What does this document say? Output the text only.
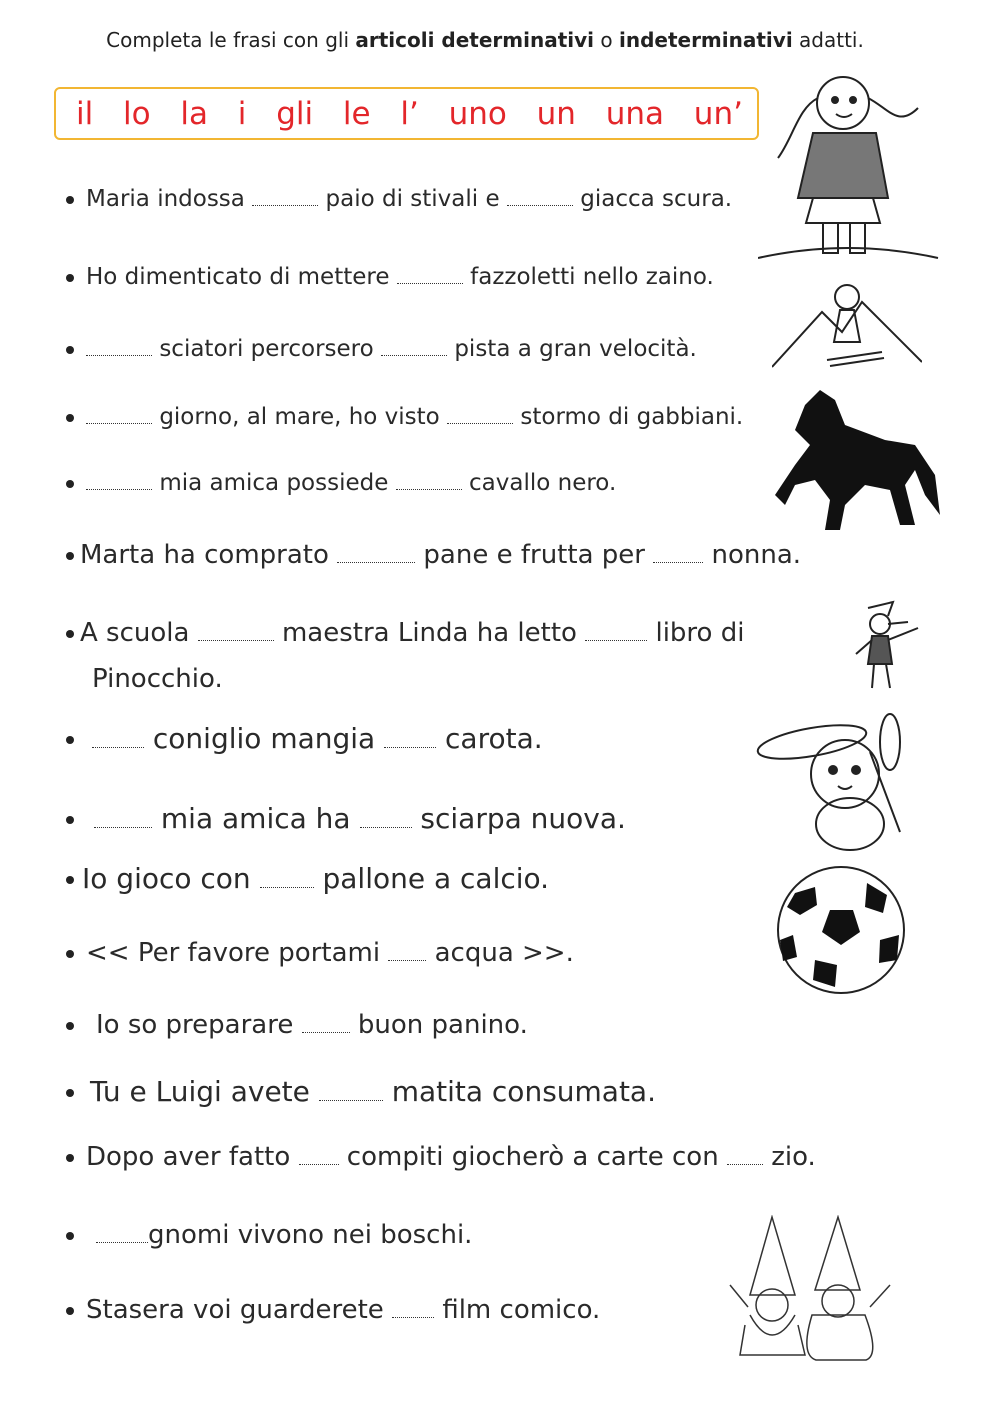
Completa le frasi con gli articoli determinativi o indeterminativi adatti.
il lo la i gli le l’ uno un una un’
Maria indossa	paio di stivali e	giacca scura.
Ho dimenticato di mettere	fazzoletti nello zaino.
sciatori percorsero	pista a gran velocità.
giorno, al mare, ho visto	stormo di gabbiani.
mia amica possiede	cavallo nero.
Marta ha comprato	pane e frutta per	nonna.
A scuola	maestra Linda ha letto	libro di
Pinocchio.
coniglio mangia carota.
mia amica ha sciarpa nuova.
Io gioco con	pallone a calcio.
<< Per favore portami acqua >>.
Io so preparare buon panino.
Tu e Luigi avete	matita consumata.
Dopo aver fatto compiti giocherò a carte con zio.
gnomi vivono nei boschi.
Stasera voi guarderete film comico.
